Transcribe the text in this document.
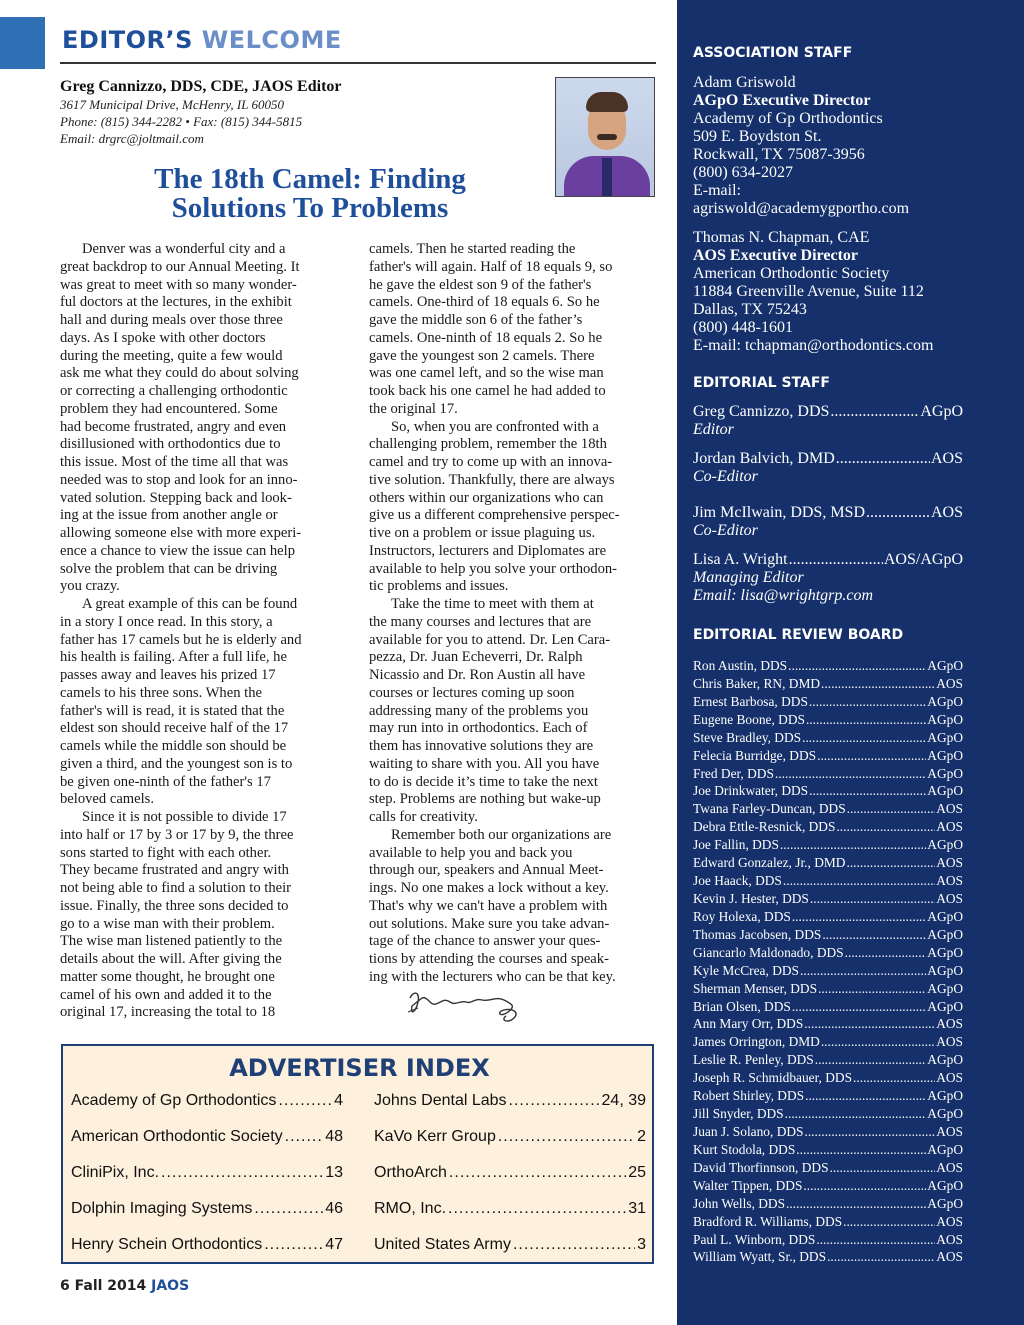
EDITOR’S WELCOME
Greg Cannizzo, DDS, CDE, JAOS Editor
3617 Municipal Drive, McHenry, IL 60050
Phone: (815) 344-2282 • Fax: (815) 344-5815
Email: drgrc@joltmail.com
The 18th Camel: Finding
Solutions To Problems

Denver was a wonderful city and a

great backdrop to our Annual Meeting. It

was great to meet with so many wonder-

ful doctors at the lectures, in the exhibit

hall and during meals over those three

days. As I spoke with other doctors

during the meeting, quite a few would

ask me what they could do about solving

or correcting a challenging orthodontic

problem they had encountered. Some

had become frustrated, angry and even

disillusioned with orthodontics due to

this issue. Most of the time all that was

needed was to stop and look for an inno-

vated solution. Stepping back and look-

ing at the issue from another angle or

allowing someone else with more experi-

ence a chance to view the issue can help

solve the problem that can be driving

you crazy.

A great example of this can be found

in a story I once read. In this story, a

father has 17 camels but he is elderly and

his health is failing. After a full life, he

passes away and leaves his prized 17

camels to his three sons. When the

father's will is read, it is stated that the

eldest son should receive half of the 17

camels while the middle son should be

given a third, and the youngest son is to

be given one-ninth of the father's 17

beloved camels.

Since it is not possible to divide 17

into half or 17 by 3 or 17 by 9, the three

sons started to fight with each other.

They became frustrated and angry with

not being able to find a solution to their

issue. Finally, the three sons decided to

go to a wise man with their problem.

The wise man listened patiently to the

details about the will. After giving the

matter some thought, he brought one

camel of his own and added it to the

original 17, increasing the total to 18

camels. Then he started reading the

father's will again. Half of 18 equals 9, so

he gave the eldest son 9 of the father's

camels. One-third of 18 equals 6. So he

gave the middle son 6 of the father’s

camels. One-ninth of 18 equals 2. So he

gave the youngest son 2 camels. There

was one camel left, and so the wise man

took back his one camel he had added to

the original 17.

So, when you are confronted with a

challenging problem, remember the 18th

camel and try to come up with an innova-

tive solution. Thankfully, there are always

others within our organizations who can

give us a different comprehensive perspec-

tive on a problem or issue plaguing us.

Instructors, lecturers and Diplomates are

available to help you solve your orthodon-

tic problems and issues.

Take the time to meet with them at

the many courses and lectures that are

available for you to attend. Dr. Len Cara-

pezza, Dr. Juan Echeverri, Dr. Ralph

Nicassio and Dr. Ron Austin all have

courses or lectures coming up soon

addressing many of the problems you

may run into in orthodontics. Each of

them has innovative solutions they are

waiting to share with you. All you have

to do is decide it’s time to take the next

step. Problems are nothing but wake-up

calls for creativity.

Remember both our organizations are

available to help you and back you

through our, speakers and Annual Meet-

ings. No one makes a lock without a key.

That's why we can't have a problem with

out solutions. Make sure you take advan-

tage of the chance to answer your ques-

tions by attending the courses and speak-

ing with the lecturers who can be that key.

ADVERTISER INDEX
Academy of Gp Orthodontics .....	4
American Orthodontic Society .....	48
CliniPix, Inc. .....	13
Dolphin Imaging Systems .....	46
Henry Schein Orthodontics .....	47
Johns Dental Labs .....	24, 39
KaVo Kerr Group .....	2
OrthoArch .....	25
RMO, Inc. .....	31
United States Army .....	3
6 Fall 2014 JAOS
ASSOCIATION STAFF
Adam Griswold
AGpO Executive Director
Academy of Gp Orthodontics
509 E. Boydston St.
Rockwall, TX 75087-3956
(800) 634-2027
E-mail:
agriswold@academygportho.com
Thomas N. Chapman, CAE
AOS Executive Director
American Orthodontic Society
11884 Greenville Avenue, Suite 112
Dallas, TX 75243
(800) 448-1601
E-mail: tchapman@orthodontics.com
EDITORIAL STAFF
Greg Cannizzo, DDS .....	AGpO
Editor
Jordan Balvich, DMD .....	AOS
Co-Editor
Jim McIlwain, DDS, MSD .....	AOS
Co-Editor
Lisa A. Wright .....	AOS/AGpO
Managing Editor
Email: lisa@wrightgrp.com
EDITORIAL REVIEW BOARD
Ron Austin, DDS .....	AGpO
Chris Baker, RN, DMD .....	AOS
Ernest Barbosa, DDS .....	AGpO
Eugene Boone, DDS .....	AGpO
Steve Bradley, DDS .....	AGpO
Felecia Burridge, DDS .....	AGpO
Fred Der, DDS .....	AGpO
Joe Drinkwater, DDS .....	AGpO
Twana Farley-Duncan, DDS .....	AOS
Debra Ettle-Resnick, DDS .....	AOS
Joe Fallin, DDS .....	AGpO
Edward Gonzalez, Jr., DMD .....	AOS
Joe Haack, DDS .....	AOS
Kevin J. Hester, DDS .....	AOS
Roy Holexa, DDS .....	AGpO
Thomas Jacobsen, DDS .....	AGpO
Giancarlo Maldonado, DDS .....	AGpO
Kyle McCrea, DDS .....	AGpO
Sherman Menser, DDS .....	AGpO
Brian Olsen, DDS .....	AGpO
Ann Mary Orr, DDS .....	AOS
James Orrington, DMD .....	AOS
Leslie R. Penley, DDS .....	AGpO
Joseph R. Schmidbauer, DDS .....	AOS
Robert Shirley, DDS .....	AGpO
Jill Snyder, DDS .....	AGpO
Juan J. Solano, DDS .....	AOS
Kurt Stodola, DDS .....	AGpO
David Thorfinnson, DDS .....	AOS
Walter Tippen, DDS .....	AGpO
John Wells, DDS .....	AGpO
Bradford R. Williams, DDS .....	AOS
Paul L. Winborn, DDS .....	AOS
William Wyatt, Sr., DDS .....	AOS
